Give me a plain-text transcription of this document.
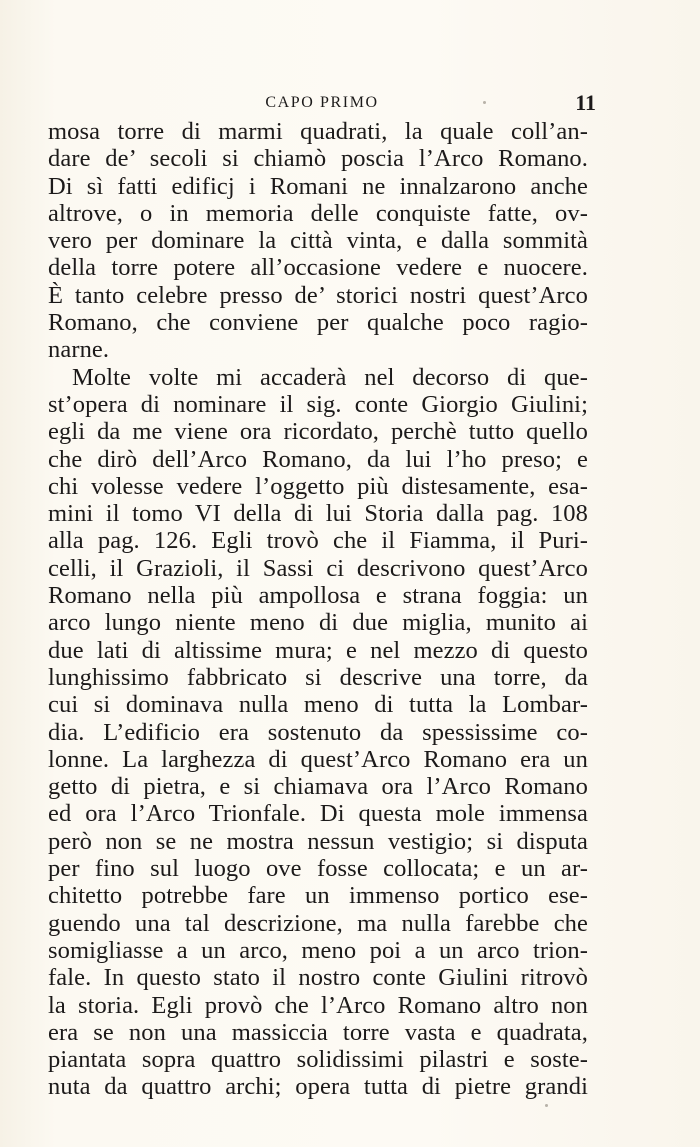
CAPO PRIMO	11
mosa torre di marmi quadrati, la quale coll’an-
dare de’ secoli si chiamò poscia l’Arco Romano.
Di sì fatti edificj i Romani ne innalzarono anche
altrove, o in memoria delle conquiste fatte, ov-
vero per dominare la città vinta, e dalla sommità
della torre potere all’occasione vedere e nuocere.
È tanto celebre presso de’ storici nostri quest’Arco
Romano, che conviene per qualche poco ragio-
narne.
Molte volte mi accaderà nel decorso di que-
st’opera di nominare il sig. conte Giorgio Giulini;
egli da me viene ora ricordato, perchè tutto quello
che dirò dell’Arco Romano, da lui l’ho preso; e
chi volesse vedere l’oggetto più distesamente, esa-
mini il tomo VI della di lui Storia dalla pag. 108
alla pag. 126. Egli trovò che il Fiamma, il Puri-
celli, il Grazioli, il Sassi ci descrivono quest’Arco
Romano nella più ampollosa e strana foggia: un
arco lungo niente meno di due miglia, munito ai
due lati di altissime mura; e nel mezzo di questo
lunghissimo fabbricato si descrive una torre, da
cui si dominava nulla meno di tutta la Lombar-
dia. L’edificio era sostenuto da spessissime co-
lonne. La larghezza di quest’Arco Romano era un
getto di pietra, e si chiamava ora l’Arco Romano
ed ora l’Arco Trionfale. Di questa mole immensa
però non se ne mostra nessun vestigio; si disputa
per fino sul luogo ove fosse collocata; e un ar-
chitetto potrebbe fare un immenso portico ese-
guendo una tal descrizione, ma nulla farebbe che
somigliasse a un arco, meno poi a un arco trion-
fale. In questo stato il nostro conte Giulini ritrovò
la storia. Egli provò che l’Arco Romano altro non
era se non una massiccia torre vasta e quadrata,
piantata sopra quattro solidissimi pilastri e soste-
nuta da quattro archi; opera tutta di pietre grandi
